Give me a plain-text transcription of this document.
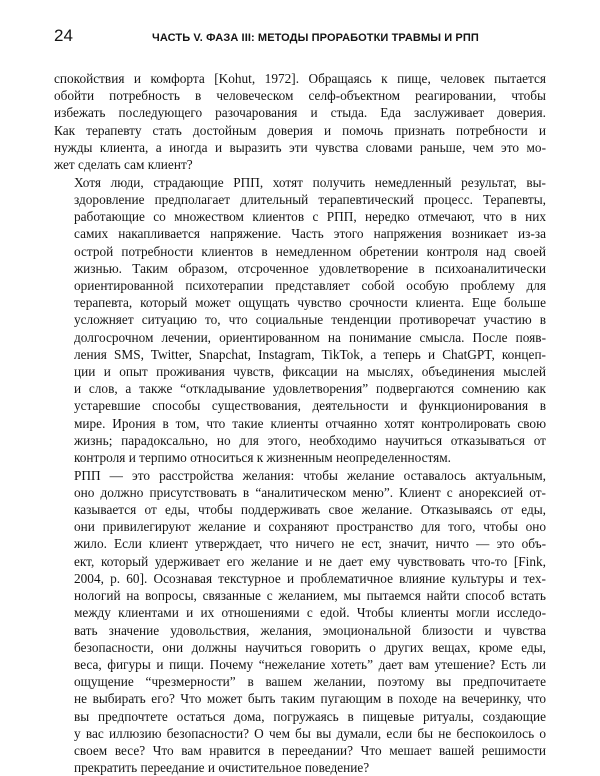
24	ЧАСТЬ V. ФАЗА III: МЕТОДЫ ПРОРАБОТКИ ТРАВМЫ И РПП

спокойствия и комфорта [Kohut, 1972]. Обращаясь к пище, человек пытается
обойти потребность в человеческом селф-объектном реагировании, чтобы
избежать последующего разочарования и стыда. Еда заслуживает доверия.
Как терапевту стать достойным доверия и помочь признать потребности и
нужды клиента, а иногда и выразить эти чувства словами раньше, чем это мо-
жет сделать сам клиент?

Хотя люди, страдающие РПП, хотят получить немедленный результат, вы-
здоровление предполагает длительный терапевтический процесс. Терапевты,
работающие со множеством клиентов с РПП, нередко отмечают, что в них
самих накапливается напряжение. Часть этого напряжения возникает из-за
острой потребности клиентов в немедленном обретении контроля над своей
жизнью. Таким образом, отсроченное удовлетворение в психоаналитически
ориентированной психотерапии представляет собой особую проблему для
терапевта, который может ощущать чувство срочности клиента. Еще больше
усложняет ситуацию то, что социальные тенденции противоречат участию в
долгосрочном лечении, ориентированном на понимание смысла. После появ-
ления SMS, Twitter, Snapchat, Instagram, TikTok, а теперь и ChatGPT, концеп-
ции и опыт проживания чувств, фиксации на мыслях, объединения мыслей
и слов, а также “откладывание удовлетворения” подвергаются сомнению как
устаревшие способы существования, деятельности и функционирования в
мире. Ирония в том, что такие клиенты отчаянно хотят контролировать свою
жизнь; парадоксально, но для этого, необходимо научиться отказываться от
контроля и терпимо относиться к жизненным неопределенностям.

РПП — это расстройства желания: чтобы желание оставалось актуальным,
оно должно присутствовать в “аналитическом меню”. Клиент с анорексией от-
казывается от еды, чтобы поддерживать свое желание. Отказываясь от еды,
они привилегируют желание и сохраняют пространство для того, чтобы оно
жило. Если клиент утверждает, что ничего не ест, значит, ничто — это объ-
ект, который удерживает его желание и не дает ему чувствовать что-то [Fink,
2004, p. 60]. Осознавая текстурное и проблематичное влияние культуры и тех-
нологий на вопросы, связанные с желанием, мы пытаемся найти способ встать
между клиентами и их отношениями с едой. Чтобы клиенты могли исследо-
вать значение удовольствия, желания, эмоциональной близости и чувства
безопасности, они должны научиться говорить о других вещах, кроме еды,
веса, фигуры и пищи. Почему “нежелание хотеть” дает вам утешение? Есть ли
ощущение “чрезмерности” в вашем желании, поэтому вы предпочитаете
не выбирать его? Что может быть таким пугающим в походе на вечеринку, что
вы предпочтете остаться дома, погружаясь в пищевые ритуалы, создающие
у вас иллюзию безопасности? О чем бы вы думали, если бы не беспокоилось о
своем весе? Что вам нравится в переедании? Что мешает вашей решимости
прекратить переедание и очистительное поведение?
